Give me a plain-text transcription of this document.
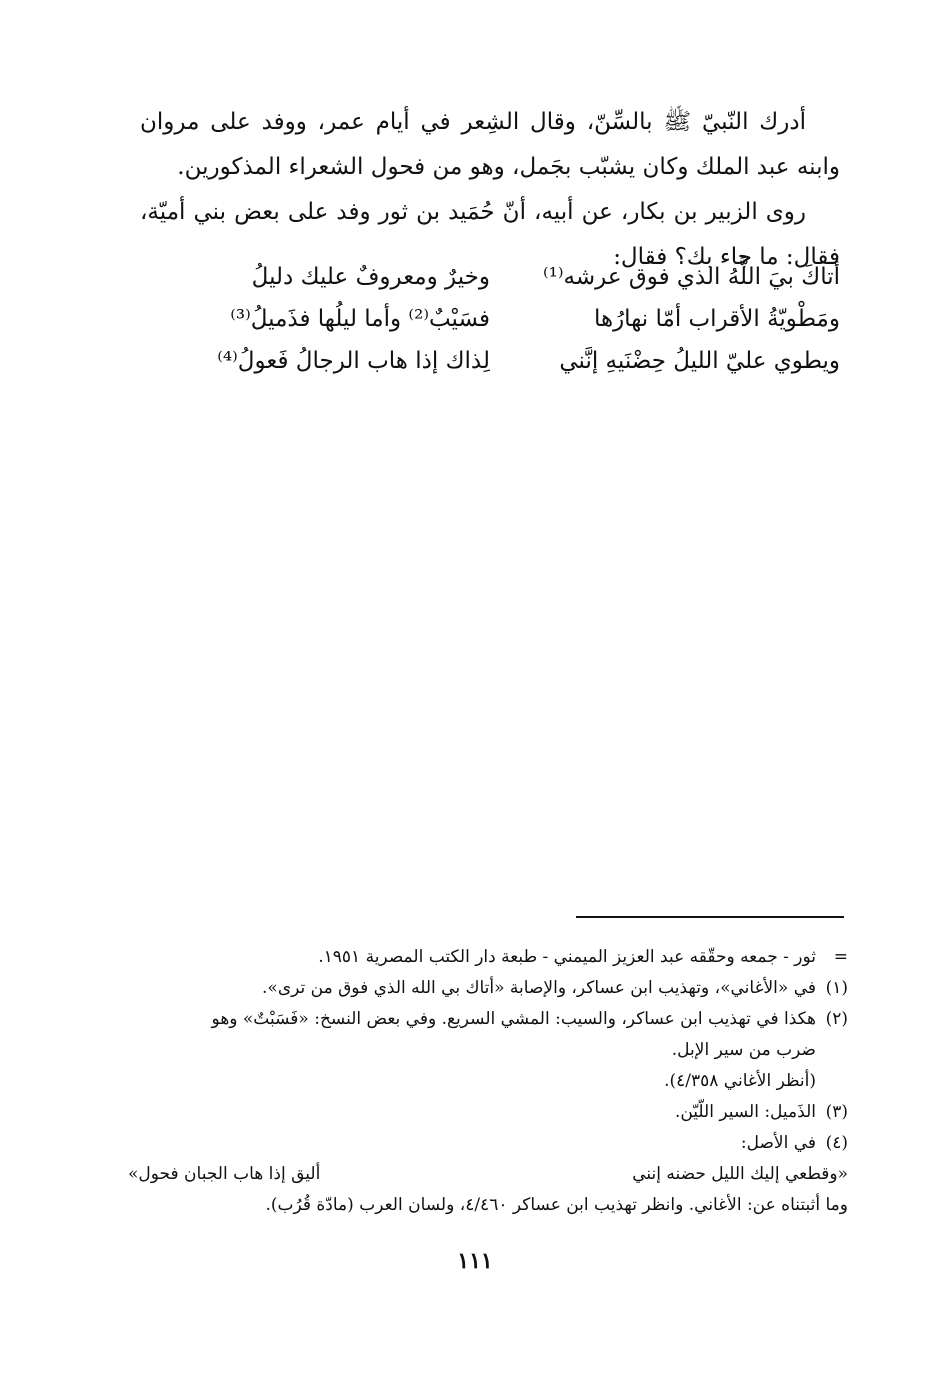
أدرك النّبيّ ﷺ بالسِّنّ، وقال الشِعر في أيام عمر، ووفد على مروان وابنه عبد الملك وكان يشبّب بجَمل، وهو من فحول الشعراء المذكورين.

روى الزبير بن بكار، عن أبيه، أنّ حُمَيد بن ثور وفد على بعض بني أميّة، فقال: ما جاء بك؟ فقال:

أتاكَ بيَ اللَّهُ الذي فوق عرشه⁽¹⁾
وخيرٌ ومعروفٌ عليك دليلُ
ومَطْويّةُ الأقراب أمّا نهارُها
فسَيْبٌ⁽²⁾ وأما ليلُها فذَميلُ⁽³⁾
ويطوي عليّ الليلُ حِضْنَيهِ إنَّني
لِذاك إذا هاب الرجالُ فَعولُ⁽⁴⁾
=
ثور - جمعه وحقّقه عبد العزيز الميمني - طبعة دار الكتب المصرية ١٩٥١.
(١)
في «الأغاني»، وتهذيب ابن عساكر، والإصابة «أتاك بي الله الذي فوق من ترى».
(٢)
هكذا في تهذيب ابن عساكر، والسيب: المشي السريع. وفي بعض النسخ: «فَسَبْتٌ» وهو
ضرب من سير الإبل.
(أنظر الأغاني ٤/٣٥٨).
(٣)
الذَميل: السير اللّيّن.
(٤)
في الأصل:
«وقطعي إليك الليل حضنه إنني
أليق إذا هاب الجبان فحول»
وما أثبتناه عن: الأغاني. وانظر تهذيب ابن عساكر ٤/٤٦٠، ولسان العرب (مادّة قُرُب).
١١١
